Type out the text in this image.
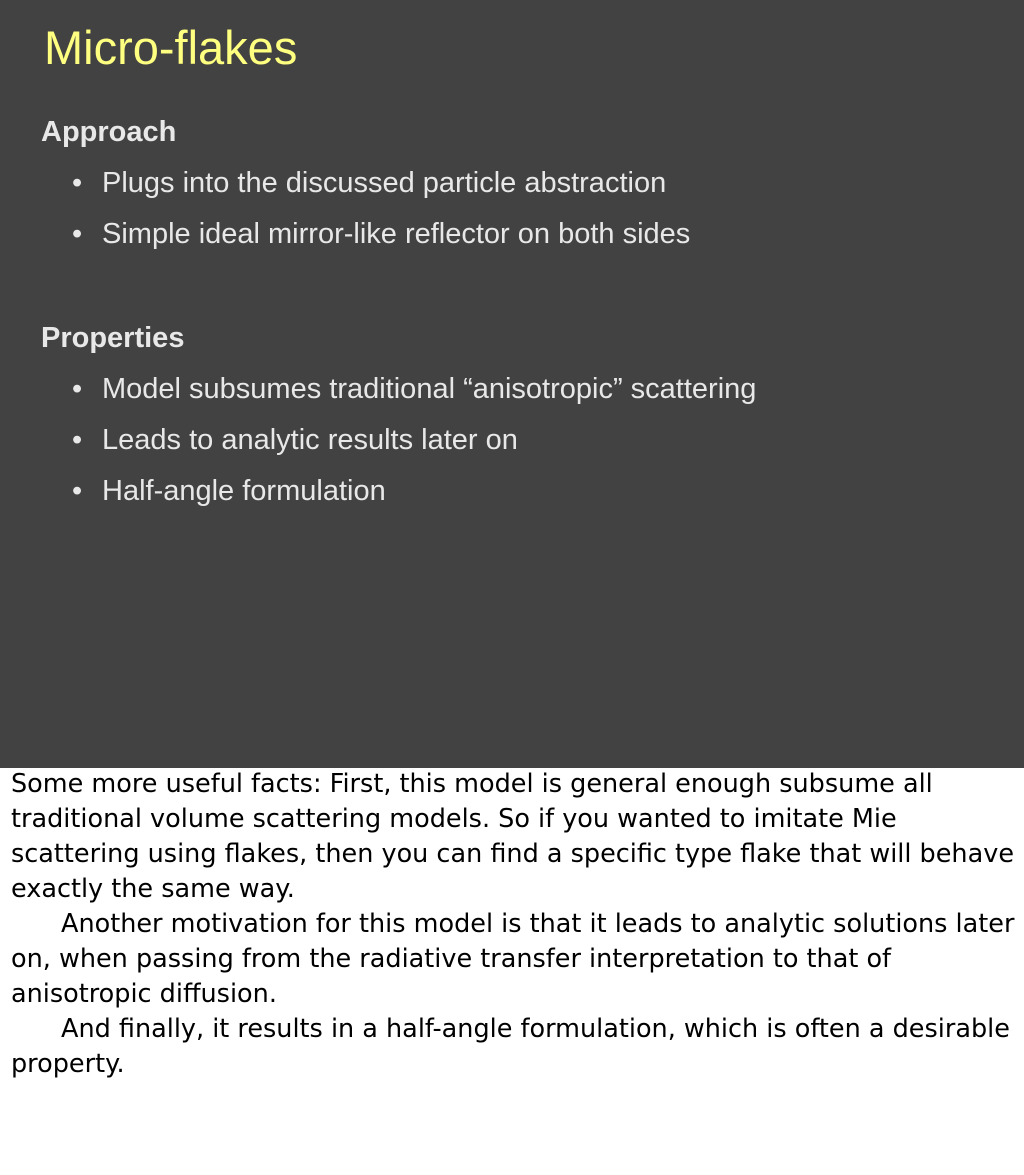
Micro-flakes
Approach
• Plugs into the discussed particle abstraction
• Simple ideal mirror-like reflector on both sides
Properties
• Model subsumes traditional “anisotropic” scattering
• Leads to analytic results later on
• Half-angle formulation

Some more useful facts: First, this model is general enough subsume all traditional volume scattering models. So if you wanted to imitate Mie scattering using flakes, then you can find a specific type flake that will behave exactly the same way.

Another motivation for this model is that it leads to analytic solutions later on, when passing from the radiative transfer interpretation to that of anisotropic diffusion.

And finally, it results in a half-angle formulation, which is often a desirable property.
